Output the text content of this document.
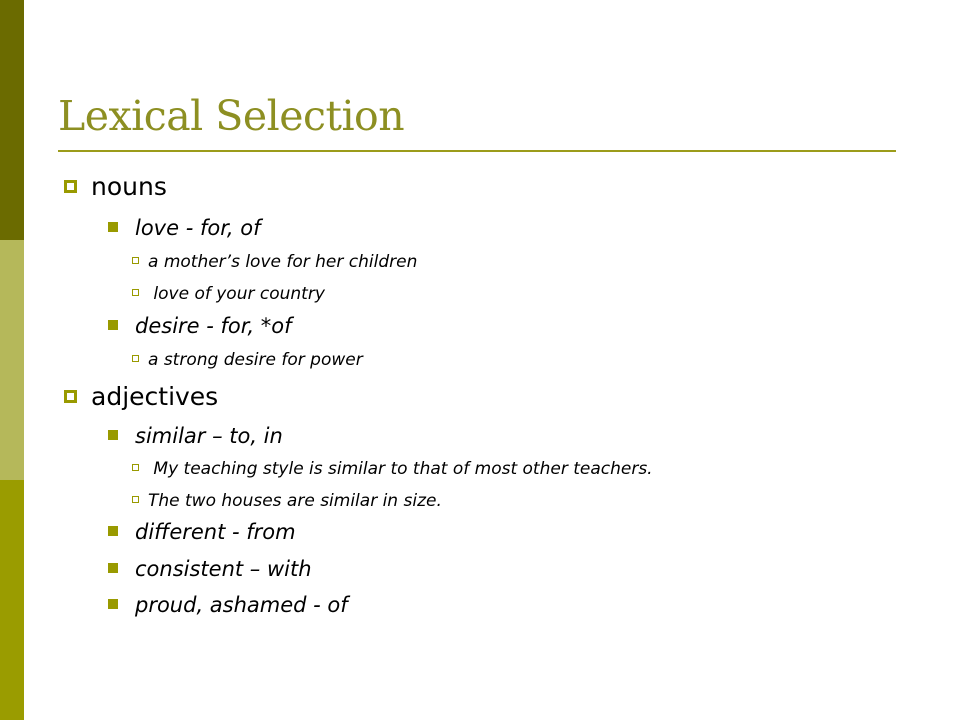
Lexical Selection
nouns
love - for, of
a mother’s love for her children
love of your country
desire - for, *of
a strong desire for power
adjectives
similar – to, in
My teaching style is similar to that of most other teachers.
The two houses are similar in size.
different - from
consistent – with
proud, ashamed - of
